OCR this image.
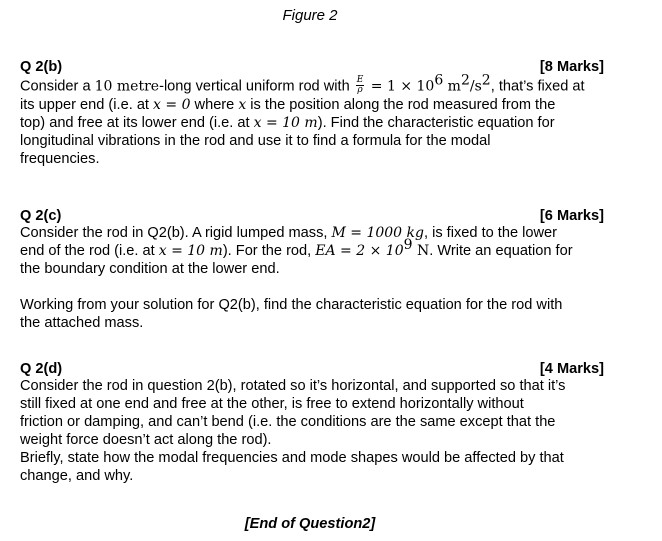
Figure 2
Q 2(b)	[8 Marks]
Consider a 10 metre-long vertical uniform rod with $\frac{E}{\rho} = 1 \times 10^6$ $m^2/s^2$, that’s fixed at
its upper end (i.e. at x = 0 where x is the position along the rod measured from the
top) and free at its lower end (i.e. at x = 10 m). Find the characteristic equation for
longitudinal vibrations in the rod and use it to find a formula for the modal
frequencies.
Q 2(c)	[6 Marks]
Consider the rod in Q2(b). A rigid lumped mass, M = 1000 kg, is fixed to the lower
end of the rod (i.e. at x = 10 m). For the rod, EA = $2 \times 10^9$ N. Write an equation for
the boundary condition at the lower end.
Working from your solution for Q2(b), find the characteristic equation for the rod with
the attached mass.
Q 2(d)	[4 Marks]
Consider the rod in question 2(b), rotated so it’s horizontal, and supported so that it’s
still fixed at one end and free at the other, is free to extend horizontally without
friction or damping, and can’t bend (i.e. the conditions are the same except that the
weight force doesn’t act along the rod).
Briefly, state how the modal frequencies and mode shapes would be affected by that
change, and why.
[End of Question2]
